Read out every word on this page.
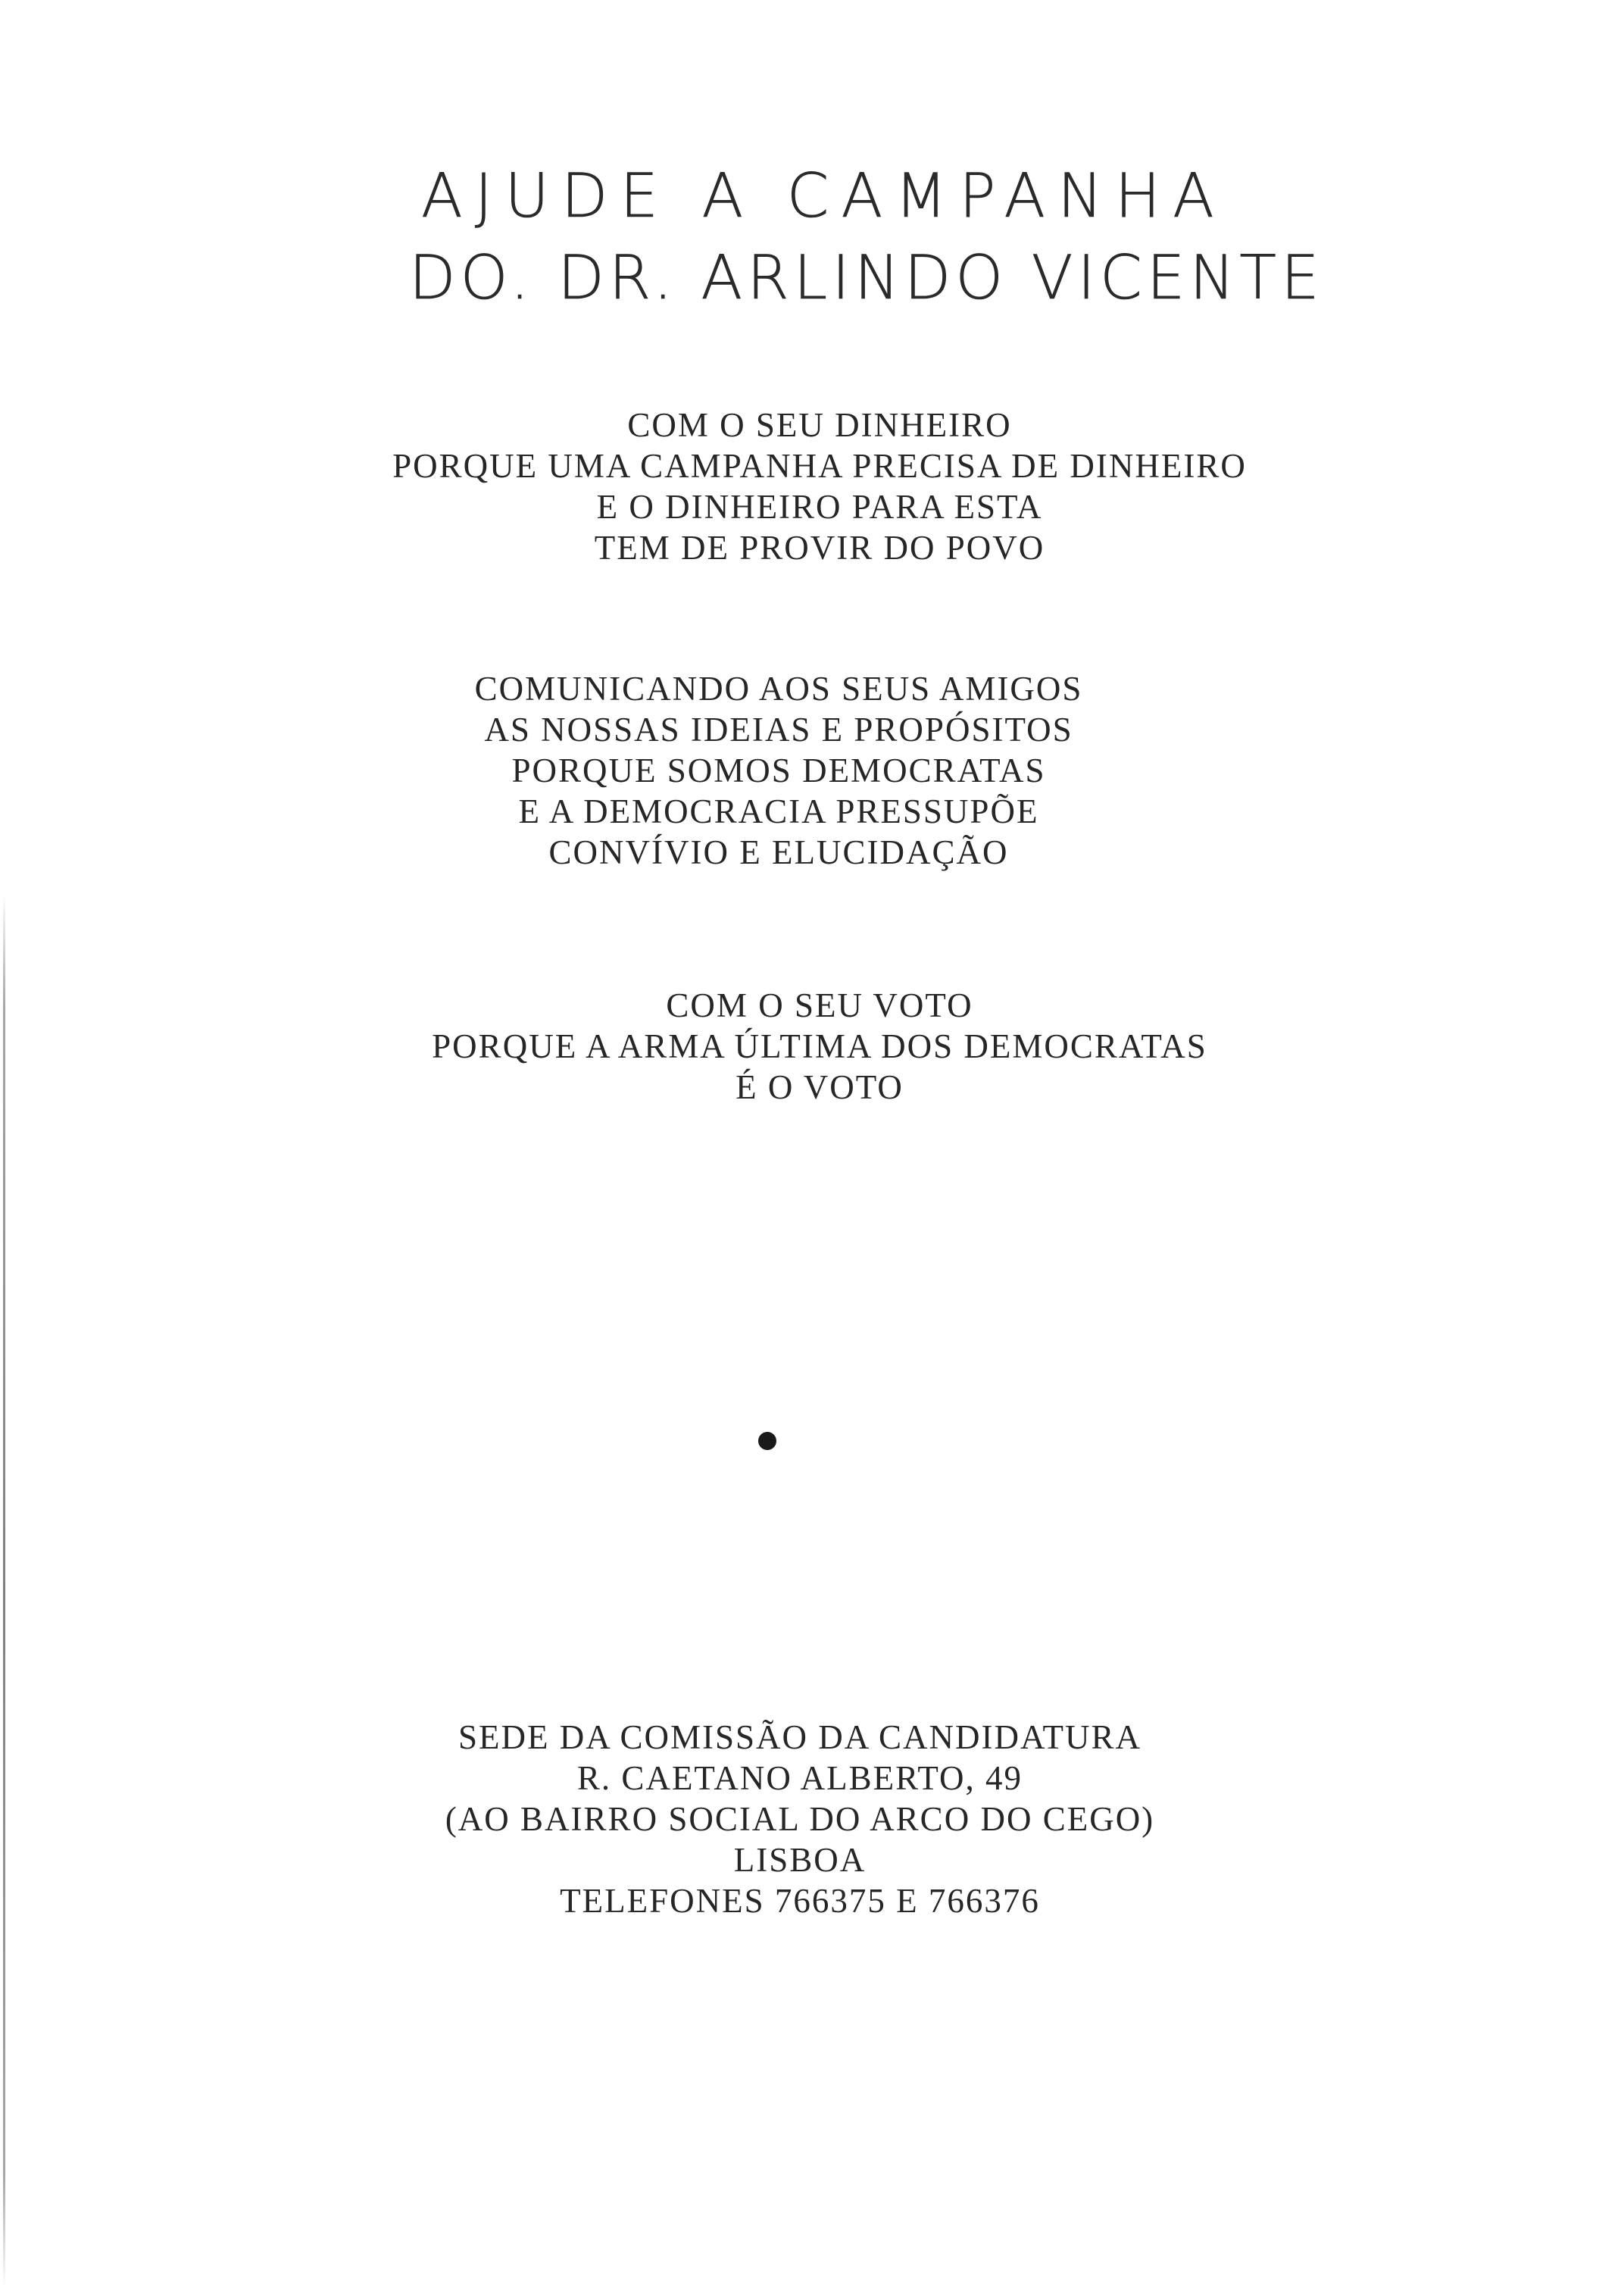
AJUDE A CAMPANHA
DO. DR. ARLINDO VICENTE
COM O SEU DINHEIRO
PORQUE UMA CAMPANHA PRECISA DE DINHEIRO
E O DINHEIRO PARA ESTA
TEM DE PROVIR DO POVO
COMUNICANDO AOS SEUS AMIGOS
AS NOSSAS IDEIAS E PROPÓSITOS
PORQUE SOMOS DEMOCRATAS
E A DEMOCRACIA PRESSUPÕE
CONVÍVIO E ELUCIDAÇÃO
COM O SEU VOTO
PORQUE A ARMA ÚLTIMA DOS DEMOCRATAS
É O VOTO
SEDE DA COMISSÃO DA CANDIDATURA
R. CAETANO ALBERTO, 49
(AO BAIRRO SOCIAL DO ARCO DO CEGO)
LISBOA
TELEFONES 766375 E 766376
